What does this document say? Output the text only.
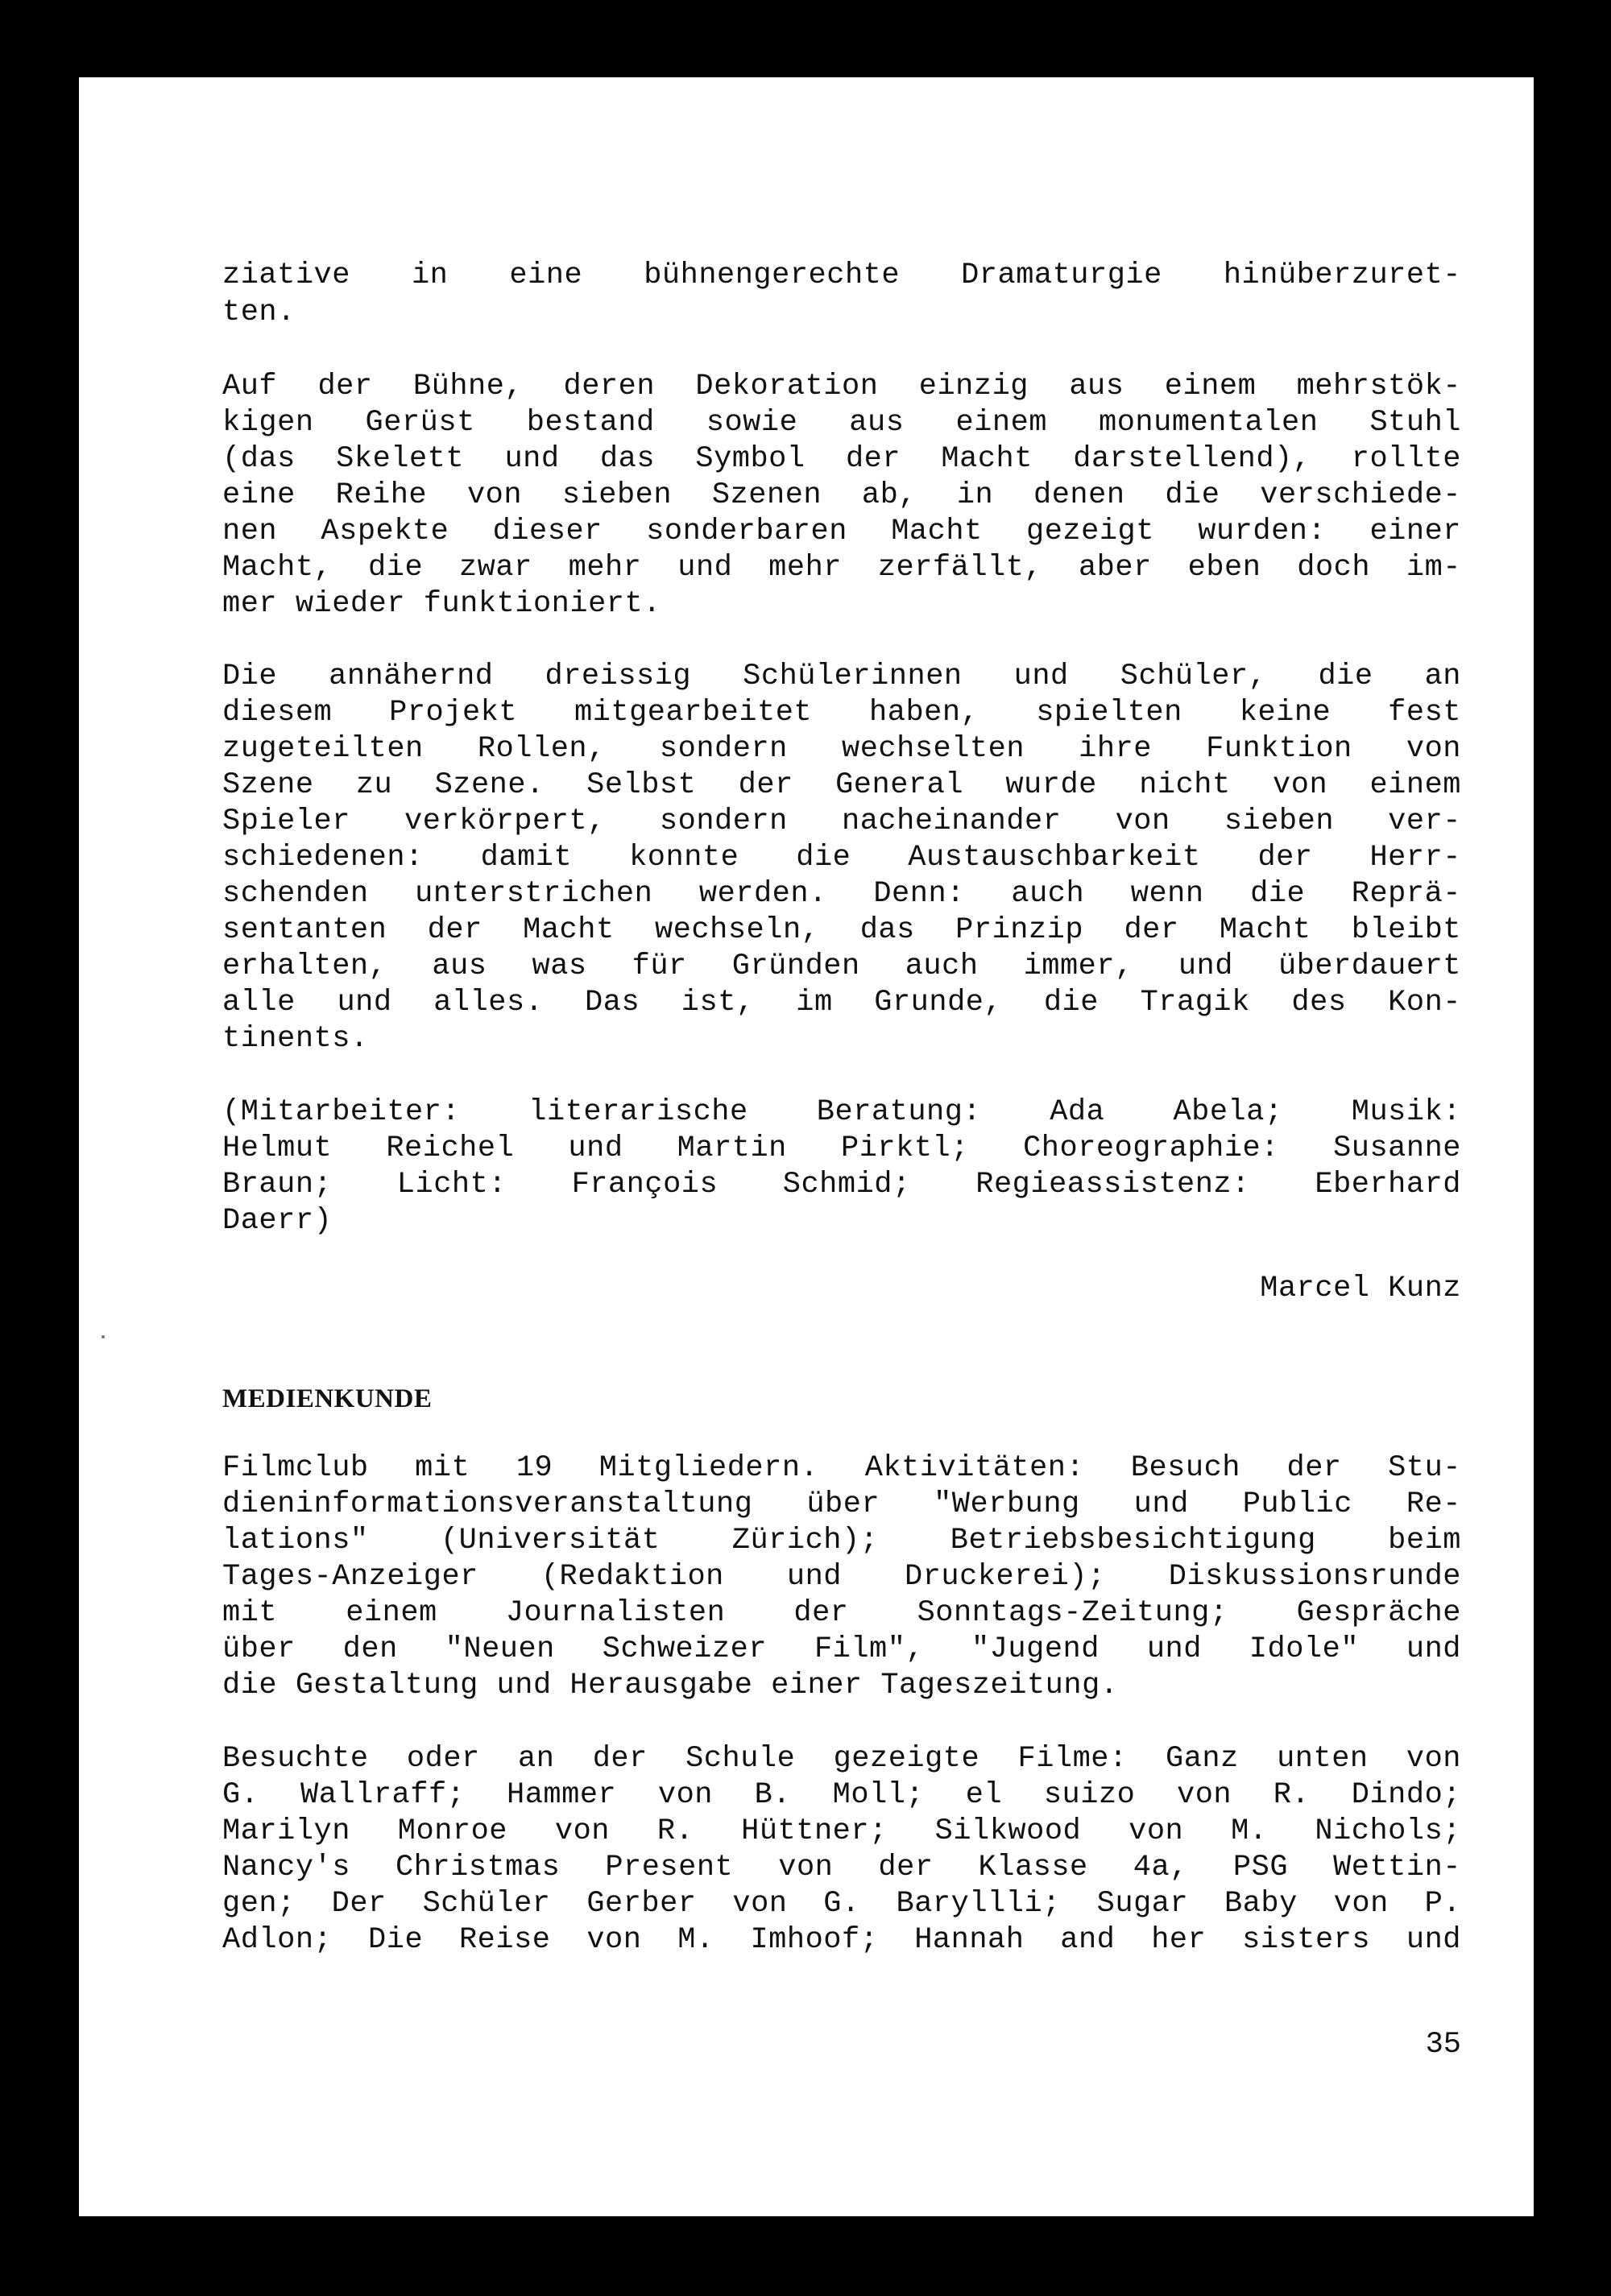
ziative in eine bühnengerechte Dramaturgie hinüberzuret-
ten.
Auf der Bühne, deren Dekoration einzig aus einem mehrstök-
kigen Gerüst bestand sowie aus einem monumentalen Stuhl
(das Skelett und das Symbol der Macht darstellend), rollte
eine Reihe von sieben Szenen ab, in denen die verschiede-
nen Aspekte dieser sonderbaren Macht gezeigt wurden: einer
Macht, die zwar mehr und mehr zerfällt, aber eben doch im-
mer wieder funktioniert.
Die annähernd dreissig Schülerinnen und Schüler, die an
diesem Projekt mitgearbeitet haben, spielten keine fest
zugeteilten Rollen, sondern wechselten ihre Funktion von
Szene zu Szene. Selbst der General wurde nicht von einem
Spieler verkörpert, sondern nacheinander von sieben ver-
schiedenen: damit konnte die Austauschbarkeit der Herr-
schenden unterstrichen werden. Denn: auch wenn die Reprä-
sentanten der Macht wechseln, das Prinzip der Macht bleibt
erhalten, aus was für Gründen auch immer, und überdauert
alle und alles. Das ist, im Grunde, die Tragik des Kon-
tinents.
(Mitarbeiter: literarische Beratung: Ada Abela; Musik:
Helmut Reichel und Martin Pirktl; Choreographie: Susanne
Braun; Licht: François Schmid; Regieassistenz: Eberhard
Daerr)
Marcel Kunz
MEDIENKUNDE
Filmclub mit 19 Mitgliedern. Aktivitäten: Besuch der Stu-
dieninformationsveranstaltung über "Werbung und Public Re-
lations" (Universität Zürich); Betriebsbesichtigung beim
Tages-Anzeiger (Redaktion und Druckerei); Diskussionsrunde
mit einem Journalisten der Sonntags-Zeitung; Gespräche
über den "Neuen Schweizer Film", "Jugend und Idole" und
die Gestaltung und Herausgabe einer Tageszeitung.
Besuchte oder an der Schule gezeigte Filme: Ganz unten von
G. Wallraff; Hammer von B. Moll; el suizo von R. Dindo;
Marilyn Monroe von R. Hüttner; Silkwood von M. Nichols;
Nancy's Christmas Present von der Klasse 4a, PSG Wettin-
gen; Der Schüler Gerber von G. Baryllli; Sugar Baby von P.
Adlon; Die Reise von M. Imhoof; Hannah and her sisters und
35
